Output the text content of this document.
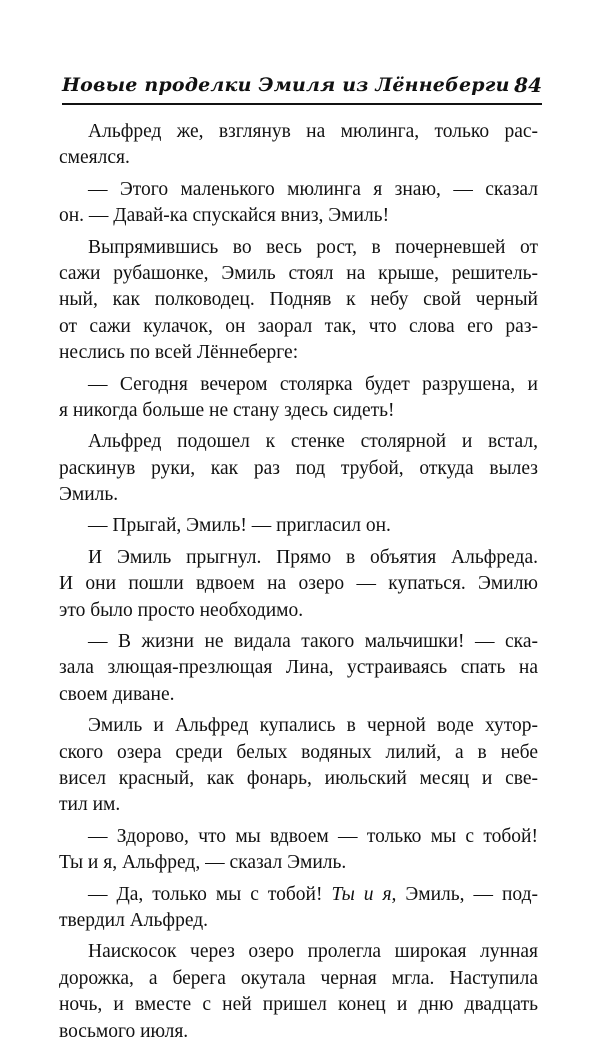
Новые проделки Эмиля из Лённеберги 84
Альфред же, взглянув на мюлинга, только рас-
смеялся.
— Этого маленького мюлинга я знаю, — сказал
он. — Давай-ка спускайся вниз, Эмиль!
Выпрямившись во весь рост, в почерневшей от
сажи рубашонке, Эмиль стоял на крыше, решитель-
ный, как полководец. Подняв к небу свой черный
от сажи кулачок, он заорал так, что слова его раз-
неслись по всей Лённеберге:
— Сегодня вечером столярка будет разрушена, и
я никогда больше не стану здесь сидеть!
Альфред подошел к стенке столярной и встал,
раскинув руки, как раз под трубой, откуда вылез
Эмиль.
— Прыгай, Эмиль! — пригласил он.
И Эмиль прыгнул. Прямо в объятия Альфреда.
И они пошли вдвоем на озеро — купаться. Эмилю
это было просто необходимо.
— В жизни не видала такого мальчишки! — ска-
зала злющая-презлющая Лина, устраиваясь спать на
своем диване.
Эмиль и Альфред купались в черной воде хутор-
ского озера среди белых водяных лилий, а в небе
висел красный, как фонарь, июльский месяц и све-
тил им.
— Здорово, что мы вдвоем — только мы с тобой!
Ты и я, Альфред, — сказал Эмиль.
— Да, только мы с тобой! Ты и я, Эмиль, — под-
твердил Альфред.
Наискосок через озеро пролегла широкая лунная
дорожка, а берега окутала черная мгла. Наступила
ночь, и вместе с ней пришел конец и дню двадцать
восьмого июля.
